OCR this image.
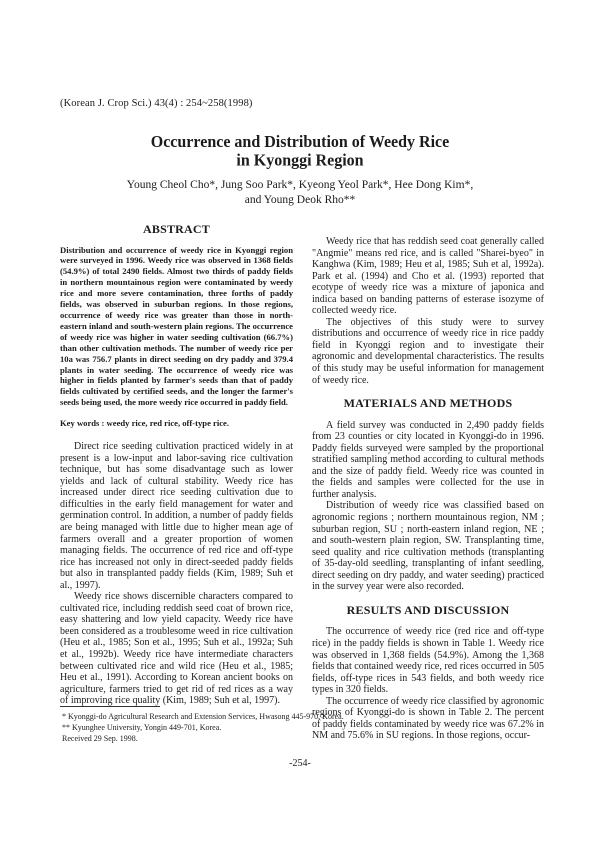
(Korean J. Crop Sci.) 43(4) : 254~258(1998)
Occurrence and Distribution of Weedy Rice
in Kyonggi Region
Young Cheol Cho*, Jung Soo Park*, Kyeong Yeol Park*, Hee Dong Kim*,
and Young Deok Rho**
ABSTRACT

Distribution and occurrence of weedy rice in Kyonggi region were surveyed in 1996. Weedy rice was observed in 1368 fields (54.9%) of total 2490 fields. Almost two thirds of paddy fields in northern mountainous region were contaminated by weedy rice and more severe contamination, three forths of paddy fields, was observed in suburban regions. In those regions, occurrence of weedy rice was greater than those in north-eastern inland and south-western plain regions. The occurrence of weedy rice was higher in water seeding cultivation (66.7%) than other cultivation methods. The number of weedy rice per 10a was 756.7 plants in direct seeding on dry paddy and 379.4 plants in water seeding. The occurrence of weedy rice was higher in fields planted by farmer's seeds than that of paddy fields cultivated by certified seeds, and the longer the farmer's seeds being used, the more weedy rice occurred in paddy field.

Key words : weedy rice, red rice, off-type rice.

Direct rice seeding cultivation practiced widely in at present is a low-input and labor-saving rice cultivation technique, but has some disadvantage such as lower yields and lack of cultural stability. Weedy rice has increased under direct rice seeding cultivation due to difficulties in the early field management for water and germination control. In addition, a number of paddy fields are being managed with little due to higher mean age of farmers overall and a greater proportion of women managing fields. The occurrence of red rice and off-type rice has increased not only in direct-seeded paddy fields but also in transplanted paddy fields (Kim, 1989; Suh et al., 1997).

Weedy rice shows discernible characters compared to cultivated rice, including reddish seed coat of brown rice, easy shattering and low yield capacity. Weedy rice have been considered as a troublesome weed in rice cultivation (Heu et al., 1985; Son et al., 1995; Suh et al., 1992a; Suh et al., 1992b). Weedy rice have intermediate characters between cultivated rice and wild rice (Heu et al., 1985; Heu et al., 1991). According to Korean ancient books on agriculture, farmers tried to get rid of red rices as a way of improving rice quality (Kim, 1989; Suh et al, 1997).

Weedy rice that has reddish seed coat generally called "Angmie" means red rice, and is called "Sharei-byeo" in Kanghwa (Kim, 1989; Heu et al, 1985; Suh et al, 1992a). Park et al. (1994) and Cho et al. (1993) reported that ecotype of weedy rice was a mixture of japonica and indica based on banding patterns of esterase isozyme of collected weedy rice.

The objectives of this study were to survey distributions and occurrence of weedy rice in rice paddy field in Kyonggi region and to investigate their agronomic and developmental characteristics. The results of this study may be useful information for management of weedy rice.

MATERIALS AND METHODS

A field survey was conducted in 2,490 paddy fields from 23 counties or city located in Kyonggi-do in 1996. Paddy fields surveyed were sampled by the proportional stratified sampling method according to cultural methods and the size of paddy field. Weedy rice was counted in the fields and samples were collected for the use in further analysis.

Distribution of weedy rice was classified based on agronomic regions ; northern mountainous region, NM ; suburban region, SU ; north-eastern inland region, NE ; and south-western plain region, SW. Transplanting time, seed quality and rice cultivation methods (transplanting of 35-day-old seedling, transplanting of infant seedling, direct seeding on dry paddy, and water seeding) practiced in the survey year were also recorded.

RESULTS AND DISCUSSION

The occurrence of weedy rice (red rice and off-type rice) in the paddy fields is shown in Table 1. Weedy rice was observed in 1,368 fields (54.9%). Among the 1,368 fields that contained weedy rice, red rices occurred in 505 fields, off-type rices in 543 fields, and both weedy rice types in 320 fields.

The occurrence of weedy rice classified by agronomic regions of Kyonggi-do is shown in Table 2. The percent of paddy fields contaminated by weedy rice was 67.2% in NM and 75.6% in SU regions. In those regions, occur-

* Kyonggi-do Agricultural Research and Extension Services, Hwasong 445-970, Korea.
** Kyunghee University, Yongin 449-701, Korea.
Received 29 Sep. 1998.
-254-
